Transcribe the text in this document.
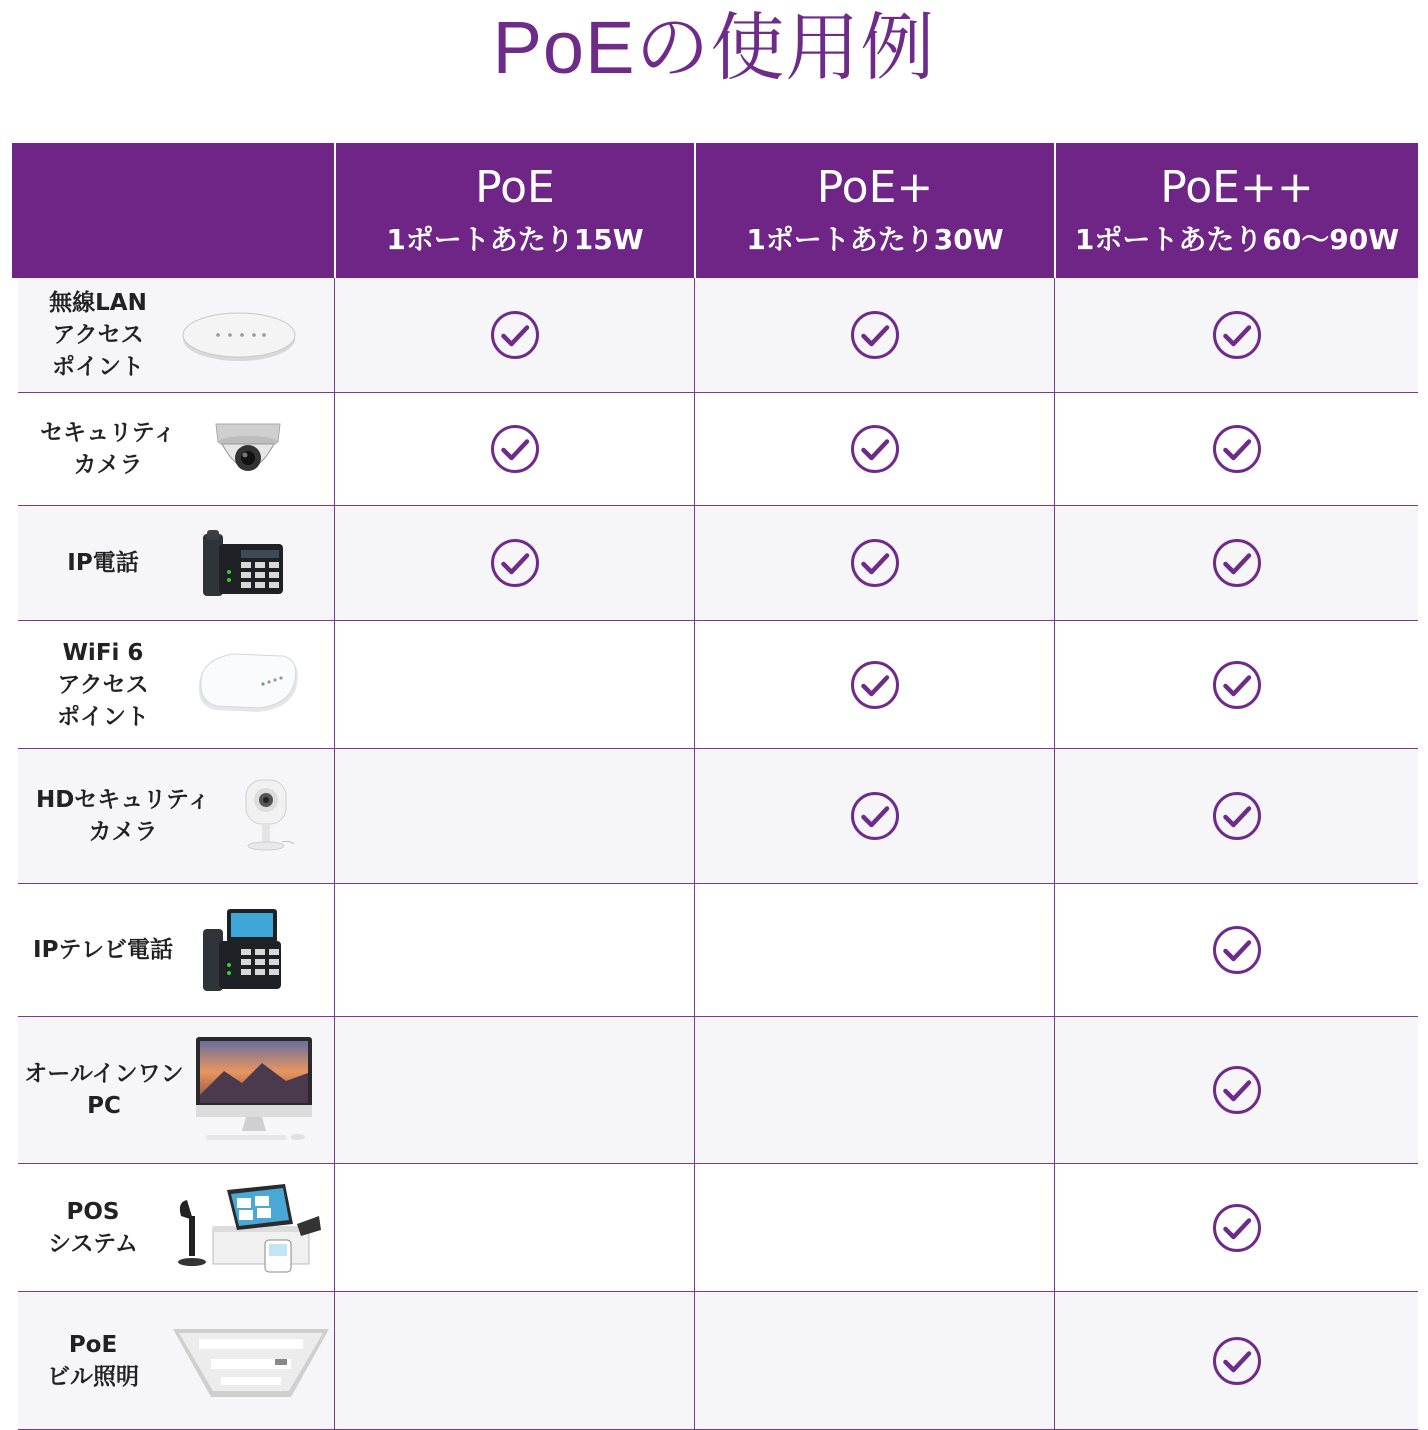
PoEの使用例
PoE
1ポートあたり15W
PoE+
1ポートあたり30W
PoE++
1ポートあたり60～90W
無線LAN
アクセス
ポイント
セキュリティ
カメラ
IP電話
WiFi 6
アクセス
ポイント
HDセキュリティ
カメラ
IPテレビ電話
オールインワン
PC
POS
システム
PoE
ビル照明
